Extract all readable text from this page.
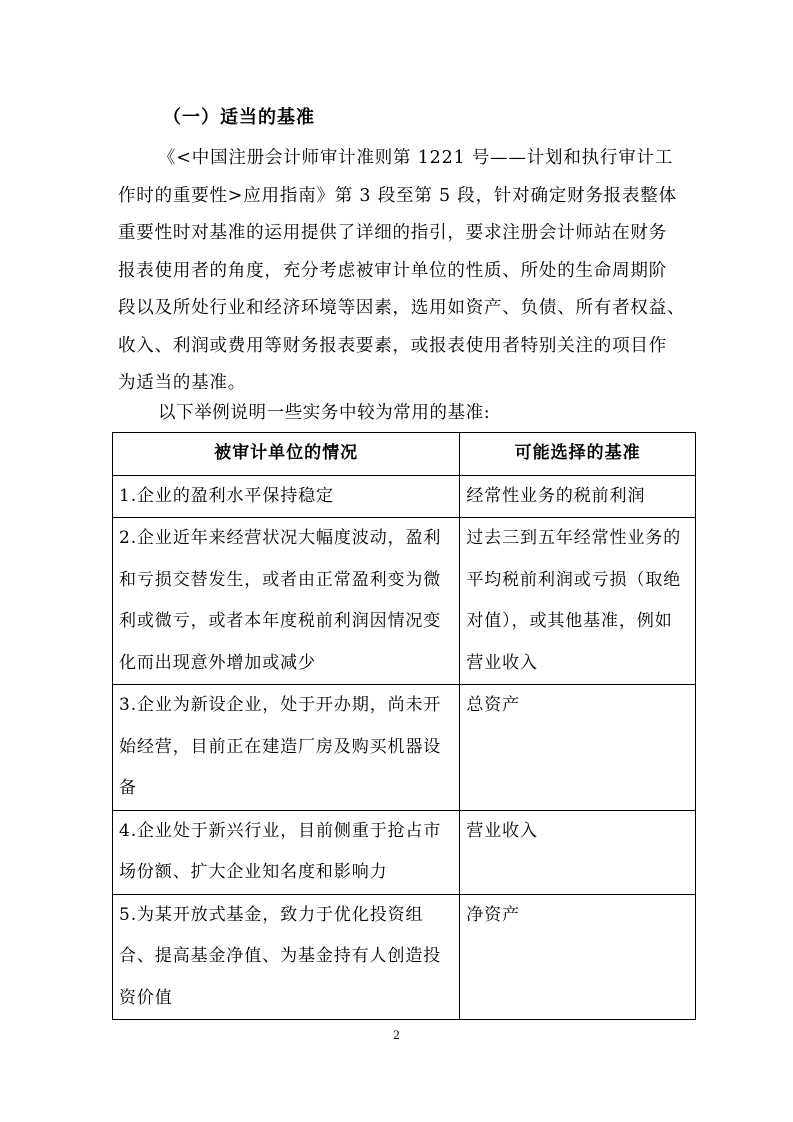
（一）适当的基准
《<中国注册会计师审计准则第 1221 号——计划和执行审计工
作时的重要性>应用指南》第 3 段至第 5 段，针对确定财务报表整体
重要性时对基准的运用提供了详细的指引，要求注册会计师站在财务
报表使用者的角度，充分考虑被审计单位的性质、所处的生命周期阶
段以及所处行业和经济环境等因素，选用如资产、负债、所有者权益、
收入、利润或费用等财务报表要素，或报表使用者特别关注的项目作
为适当的基准。
以下举例说明一些实务中较为常用的基准:
被审计单位的情况	可能选择的基准
1.企业的盈利水平保持稳定	经常性业务的税前利润
2.企业近年来经营状况大幅度波动，盈利和亏损交替发生，或者由正常盈利变为微利或微亏，或者本年度税前利润因情况变化而出现意外增加或减少	过去三到五年经常性业务的平均税前利润或亏损（取绝对值），或其他基准，例如营业收入
3.企业为新设企业，处于开办期，尚未开始经营，目前正在建造厂房及购买机器设备	总资产
4.企业处于新兴行业，目前侧重于抢占市场份额、扩大企业知名度和影响力	营业收入
5.为某开放式基金，致力于优化投资组合、提高基金净值、为基金持有人创造投资价值	净资产
2
